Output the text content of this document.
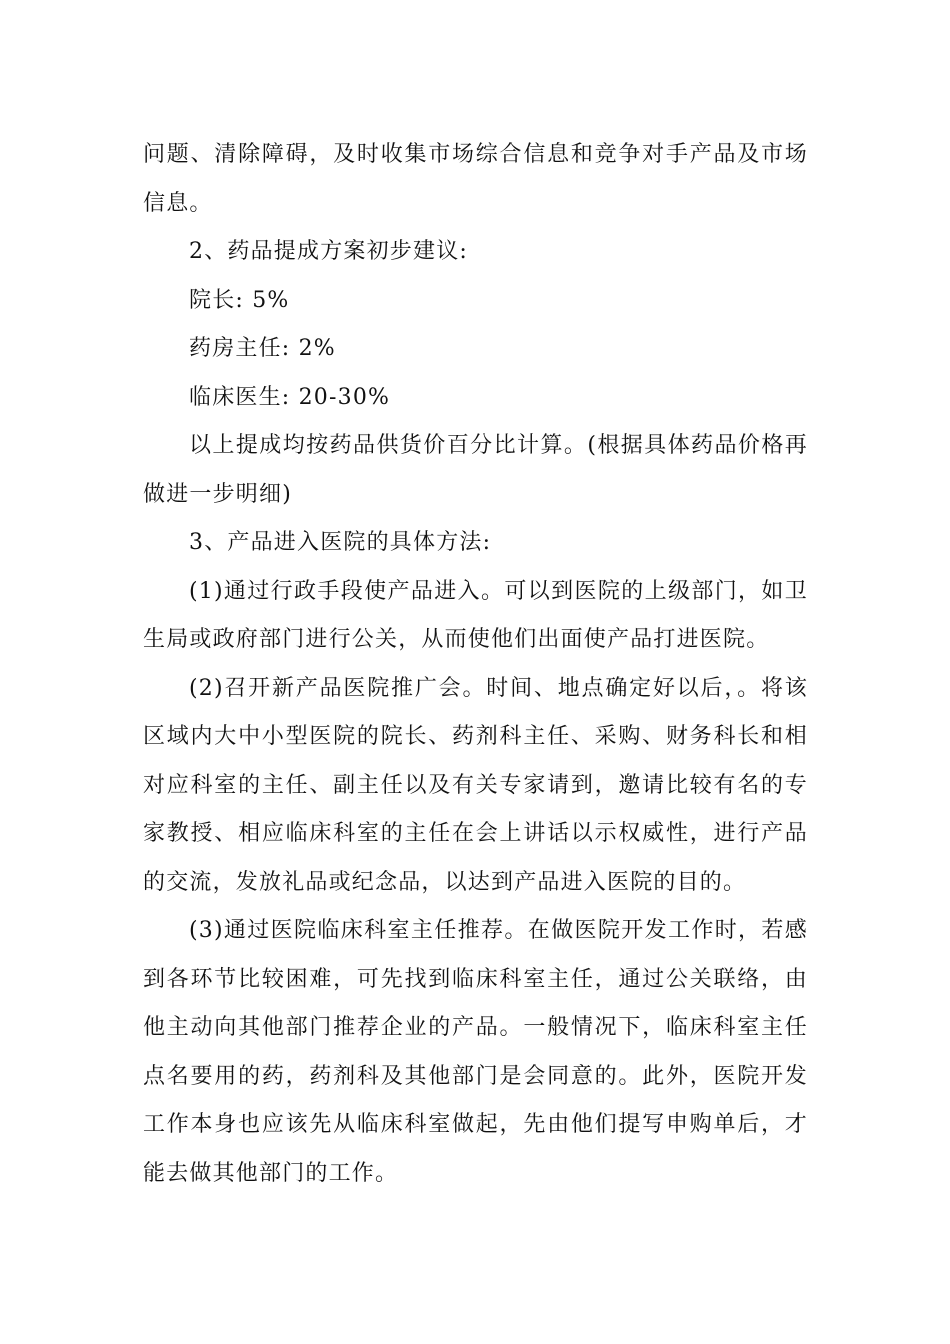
问题、清除障碍，及时收集市场综合信息和竞争对手产品及市场信息。

2、药品提成方案初步建议:

院长: 5%

药房主任: 2%

临床医生: 20-30%

以上提成均按药品供货价百分比计算。(根据具体药品价格再做进一步明细)

3、产品进入医院的具体方法:

(1)通过行政手段使产品进入。可以到医院的上级部门，如卫生局或政府部门进行公关，从而使他们出面使产品打进医院。

(2)召开新产品医院推广会。时间、地点确定好以后，。将该区域内大中小型医院的院长、药剂科主任、采购、财务科长和相对应科室的主任、副主任以及有关专家请到，邀请比较有名的专家教授、相应临床科室的主任在会上讲话以示权威性，进行产品的交流，发放礼品或纪念品，以达到产品进入医院的目的。

(3)通过医院临床科室主任推荐。在做医院开发工作时，若感到各环节比较困难，可先找到临床科室主任，通过公关联络，由他主动向其他部门推荐企业的产品。一般情况下，临床科室主任点名要用的药，药剂科及其他部门是会同意的。此外，医院开发工作本身也应该先从临床科室做起，先由他们提写申购单后，才能去做其他部门的工作。
